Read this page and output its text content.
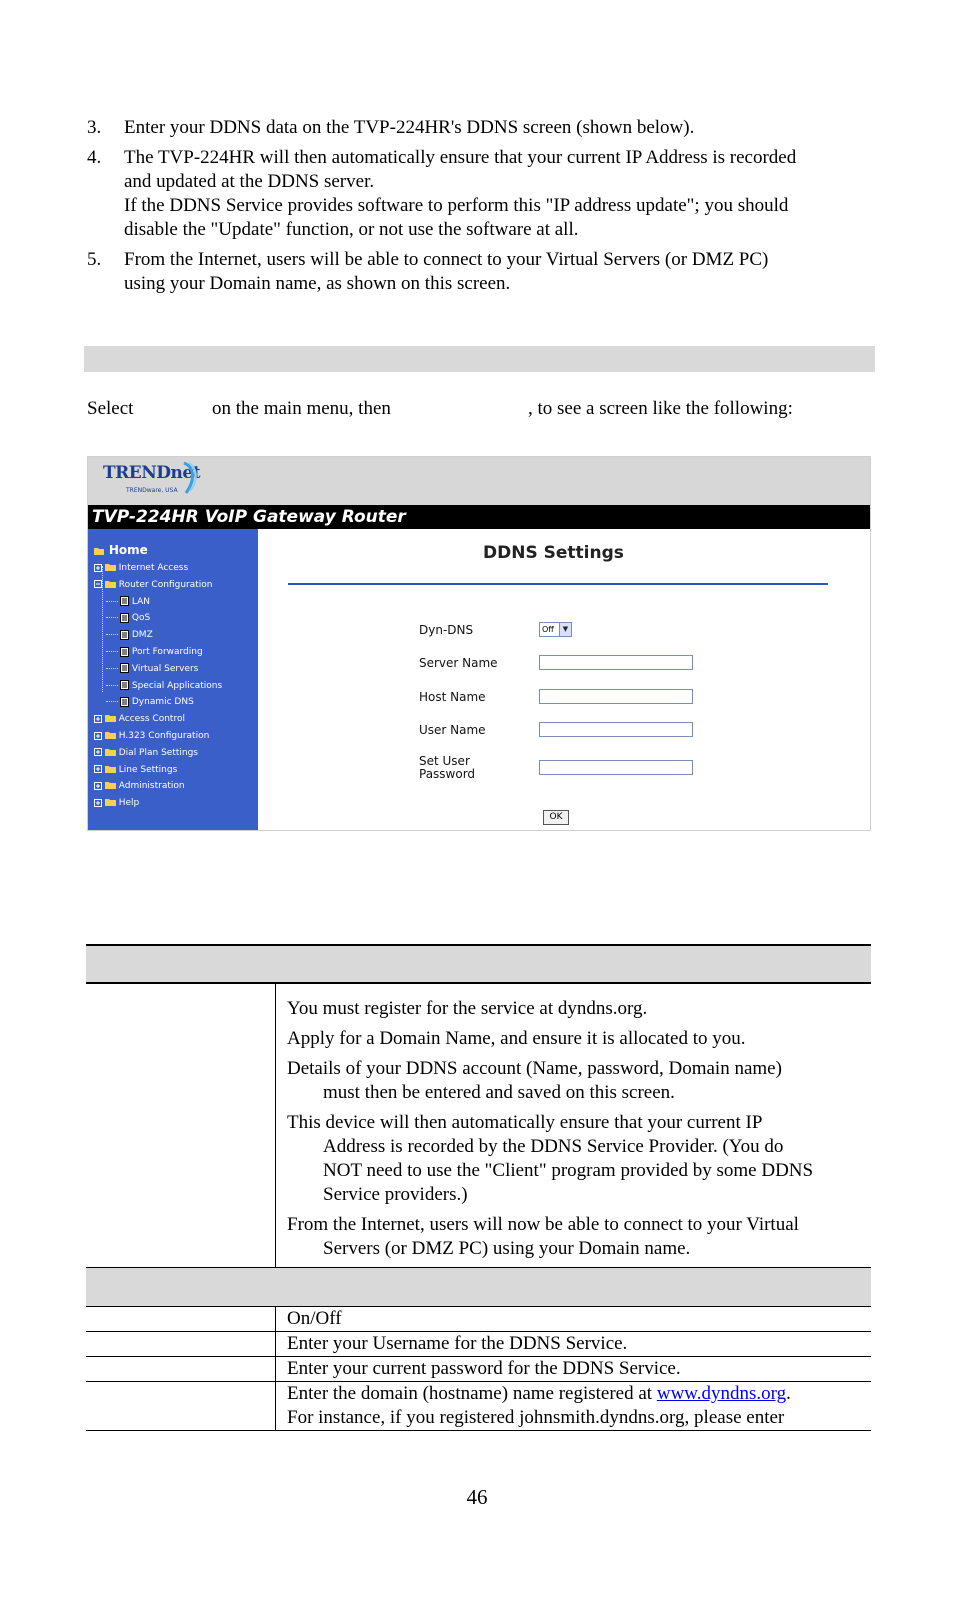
3. Enter your DDNS data on the TVP-224HR's DDNS screen (shown below).
4. The TVP-224HR will then automatically ensure that your current IP Address is recorded
and updated at the DDNS server.
If the DDNS Service provides software to perform this "IP address update"; you should
disable the "Update" function, or not use the software at all.
5. From the Internet, users will be able to connect to your Virtual Servers (or DMZ PC)
using your Domain name, as shown on this screen.
Select	on the main menu, then	, to see a screen like the following:
TRENDnet
TRENDware, USA
TVP-224HR VoIP Gateway Router
Home
Internet Access
Router Configuration
LAN
QoS
DMZ
Port Forwarding
Virtual Servers
Special Applications
Dynamic DNS
Access Control
H.323 Configuration
Dial Plan Settings
Line Settings
Administration
Help
DDNS Settings
Dyn-DNS	Off	▼
Server Name
Host Name
User Name
Set User
Password
OK
You must register for the service at dyndns.org.
Apply for a Domain Name, and ensure it is allocated to you.
Details of your DDNS account (Name, password, Domain name)
must then be entered and saved on this screen.
This device will then automatically ensure that your current IP
Address is recorded by the DDNS Service Provider. (You do
NOT need to use the "Client" program provided by some DDNS
Service providers.)
From the Internet, users will now be able to connect to your Virtual
Servers (or DMZ PC) using your Domain name.
On/Off
Enter your Username for the DDNS Service.
Enter your current password for the DDNS Service.
Enter the domain (hostname) name registered at www.dyndns.org.
For instance, if you registered johnsmith.dyndns.org, please enter
46
